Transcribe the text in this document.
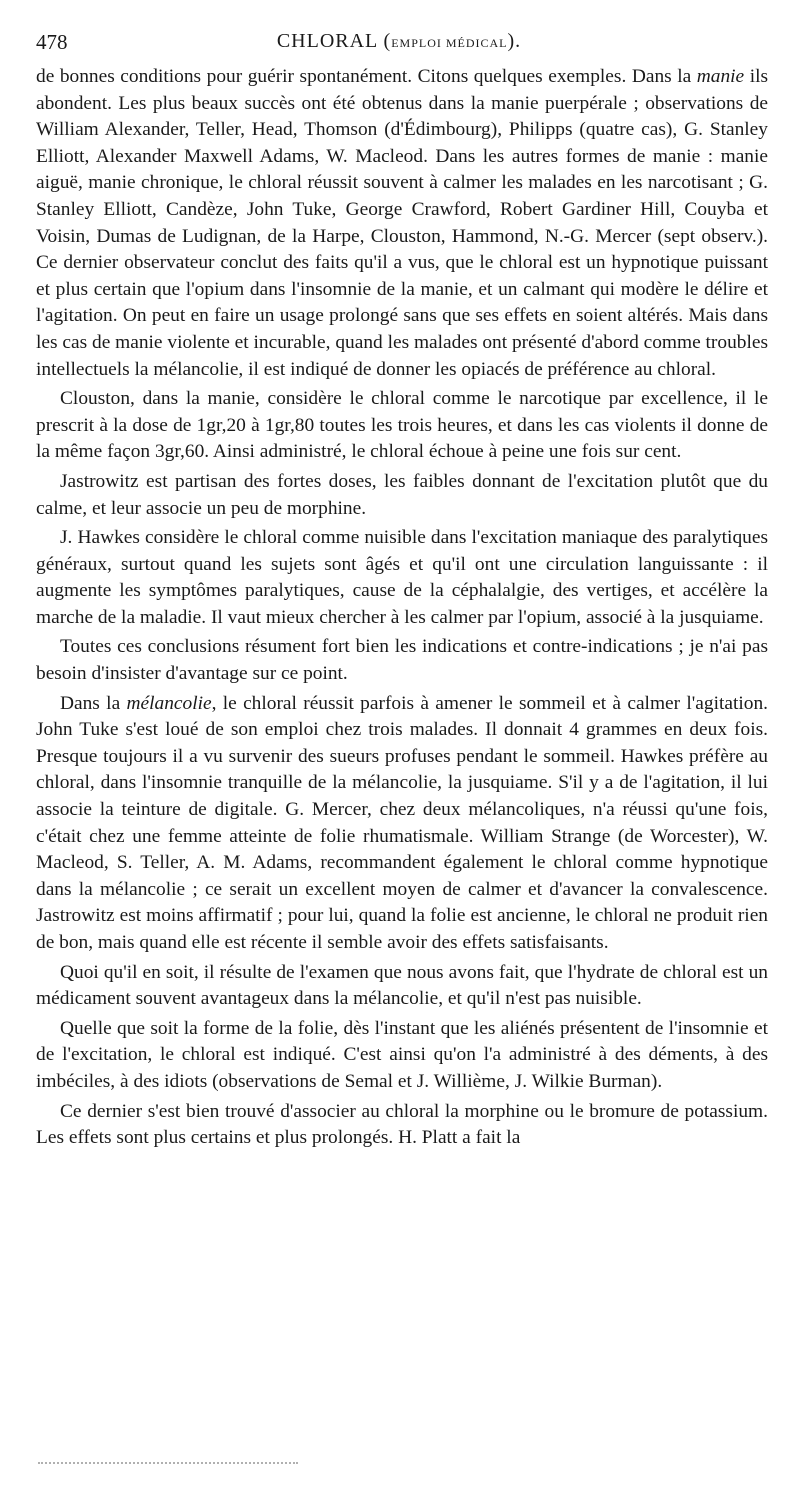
478	CHLORAL (EMPLOI MÉDICAL).

de bonnes conditions pour guérir spontanément. Citons quelques exemples. Dans la manie ils abondent. Les plus beaux succès ont été obtenus dans la manie puerpérale ; observations de William Alexander, Teller, Head, Thomson (d'Édimbourg), Philipps (quatre cas), G. Stanley Elliott, Alexander Maxwell Adams, W. Macleod. Dans les autres formes de manie : manie aiguë, manie chronique, le chloral réussit souvent à calmer les malades en les narcotisant ; G. Stanley Elliott, Candèze, John Tuke, George Crawford, Robert Gardiner Hill, Couyba et Voisin, Dumas de Ludignan, de la Harpe, Clouston, Hammond, N.-G. Mercer (sept observ.). Ce dernier observateur conclut des faits qu'il a vus, que le chloral est un hypnotique puissant et plus certain que l'opium dans l'insomnie de la manie, et un calmant qui modère le délire et l'agitation. On peut en faire un usage prolongé sans que ses effets en soient altérés. Mais dans les cas de manie violente et incurable, quand les malades ont présenté d'abord comme troubles intellectuels la mélancolie, il est indiqué de donner les opiacés de préférence au chloral.

Clouston, dans la manie, considère le chloral comme le narcotique par excellence, il le prescrit à la dose de 1gr,20 à 1gr,80 toutes les trois heures, et dans les cas violents il donne de la même façon 3gr,60. Ainsi administré, le chloral échoue à peine une fois sur cent.

Jastrowitz est partisan des fortes doses, les faibles donnant de l'excitation plutôt que du calme, et leur associe un peu de morphine.

J. Hawkes considère le chloral comme nuisible dans l'excitation maniaque des paralytiques généraux, surtout quand les sujets sont âgés et qu'il ont une circulation languissante : il augmente les symptômes paralytiques, cause de la céphalalgie, des vertiges, et accélère la marche de la maladie. Il vaut mieux chercher à les calmer par l'opium, associé à la jusquiame.

Toutes ces conclusions résument fort bien les indications et contre-indications ; je n'ai pas besoin d'insister d'avantage sur ce point.

Dans la mélancolie, le chloral réussit parfois à amener le sommeil et à calmer l'agitation. John Tuke s'est loué de son emploi chez trois malades. Il donnait 4 grammes en deux fois. Presque toujours il a vu survenir des sueurs profuses pendant le sommeil. Hawkes préfère au chloral, dans l'insomnie tranquille de la mélancolie, la jusquiame. S'il y a de l'agitation, il lui associe la teinture de digitale. G. Mercer, chez deux mélancoliques, n'a réussi qu'une fois, c'était chez une femme atteinte de folie rhumatismale. William Strange (de Worcester), W. Macleod, S. Teller, A. M. Adams, recommandent également le chloral comme hypnotique dans la mélancolie ; ce serait un excellent moyen de calmer et d'avancer la convalescence. Jastrowitz est moins affirmatif ; pour lui, quand la folie est ancienne, le chloral ne produit rien de bon, mais quand elle est récente il semble avoir des effets satisfaisants.

Quoi qu'il en soit, il résulte de l'examen que nous avons fait, que l'hydrate de chloral est un médicament souvent avantageux dans la mélancolie, et qu'il n'est pas nuisible.

Quelle que soit la forme de la folie, dès l'instant que les aliénés présentent de l'insomnie et de l'excitation, le chloral est indiqué. C'est ainsi qu'on l'a administré à des déments, à des imbéciles, à des idiots (observations de Semal et J. Willième, J. Wilkie Burman).

Ce dernier s'est bien trouvé d'associer au chloral la morphine ou le bromure de potassium. Les effets sont plus certains et plus prolongés. H. Platt a fait la
